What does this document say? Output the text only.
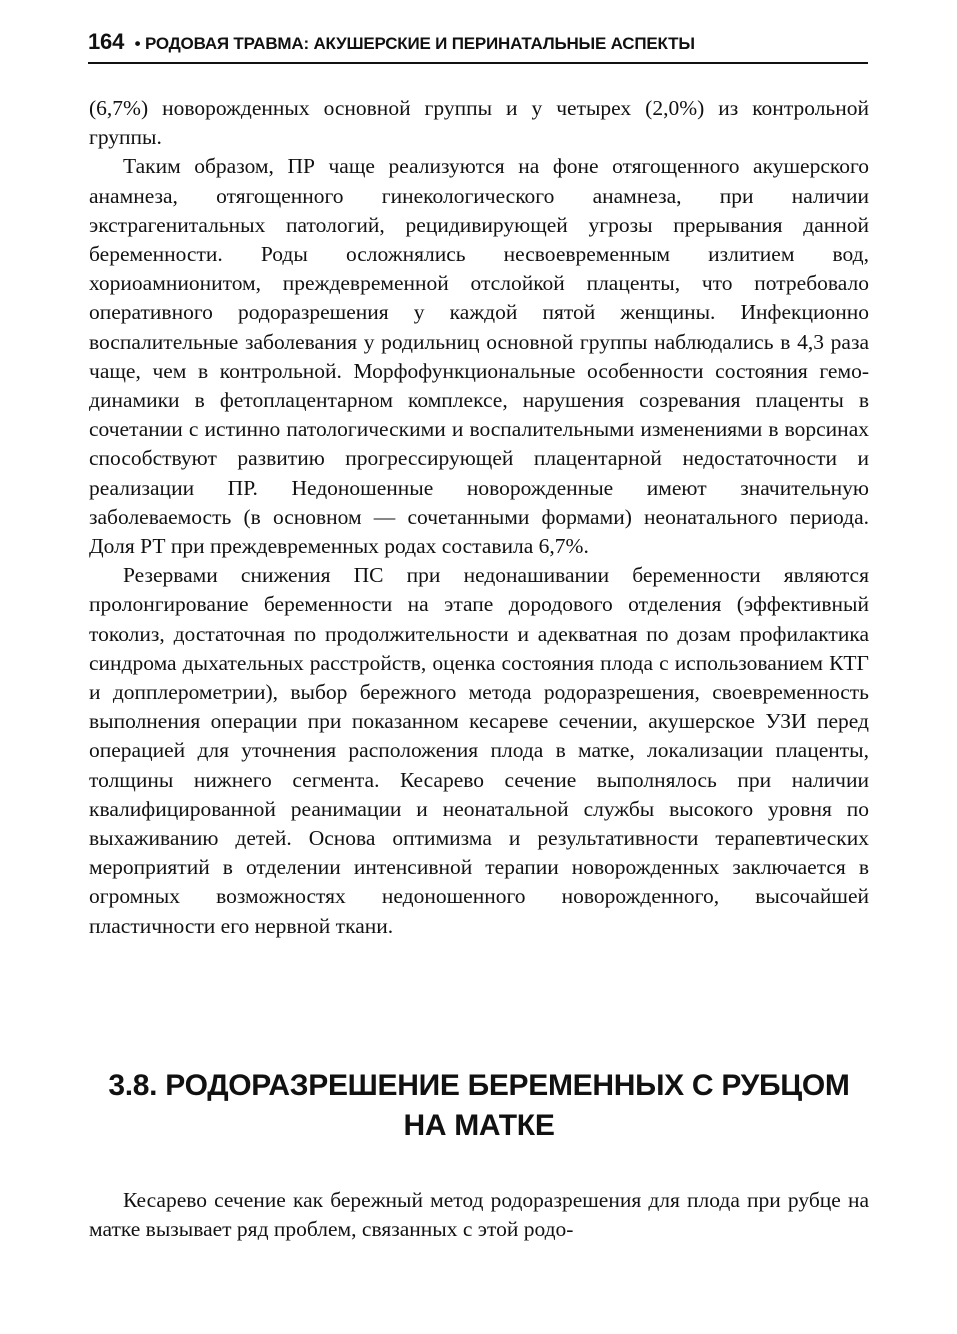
164 • РОДОВАЯ ТРАВМА: АКУШЕРСКИЕ И ПЕРИНАТАЛЬНЫЕ АСПЕКТЫ

(6,7%) новорожденных основной группы и у четырех (2,0%) из контрольной группы.

Таким образом, ПР чаще реализуются на фоне отягощенного акушерского анамнеза, отягощенного гинекологического анамнеза, при наличии экстрагенитальных патологий, рецидивирующей угрозы прерывания данной беременности. Роды осложнялись несвоевременным излитием вод, хориоамнионитом, преждевременной отслойкой плаценты, что потребовало оперативного родоразрешения у каждой пятой женщины. Инфекционно воспалительные заболевания у родильниц основной группы наблюдались в 4,3 раза чаще, чем в контрольной. Морфофункциональные особенности состояния гемодинамики в фетоплацентарном комплексе, нарушения созревания плаценты в сочетании с истинно патологическими и воспалительными изменениями в ворсинах способствуют развитию прогрессирующей плацентарной недостаточности и реализации ПР. Недоношенные новорожденные имеют значительную заболеваемость (в основном — сочетанными формами) неонатального периода. Доля РТ при преждевременных родах составила 6,7%.

Резервами снижения ПС при недонашивании беременности являются пролонгирование беременности на этапе дородового отделения (эффективный токолиз, достаточная по продолжительности и адекватная по дозам профилактика синдрома дыхательных расстройств, оценка состояния плода с использованием КТГ и допплерометрии), выбор бережного метода родоразрешения, своевременность выполнения операции при показанном кесареве сечении, акушерское УЗИ перед операцией для уточнения расположения плода в матке, локализации плаценты, толщины нижнего сегмента. Кесарево сечение выполнялось при наличии квалифицированной реанимации и неонатальной службы высокого уровня по выхаживанию детей. Основа оптимизма и результативности терапевтических мероприятий в отделении интенсивной терапии новорожденных заключается в огромных возможностях недоношенного новорожденного, высочайшей пластичности его нервной ткани.

3.8. РОДОРАЗРЕШЕНИЕ БЕРЕМЕННЫХ С РУБЦОМ
НА МАТКЕ

Кесарево сечение как бережный метод родоразрешения для плода при рубце на матке вызывает ряд проблем, связанных с этой родо-
